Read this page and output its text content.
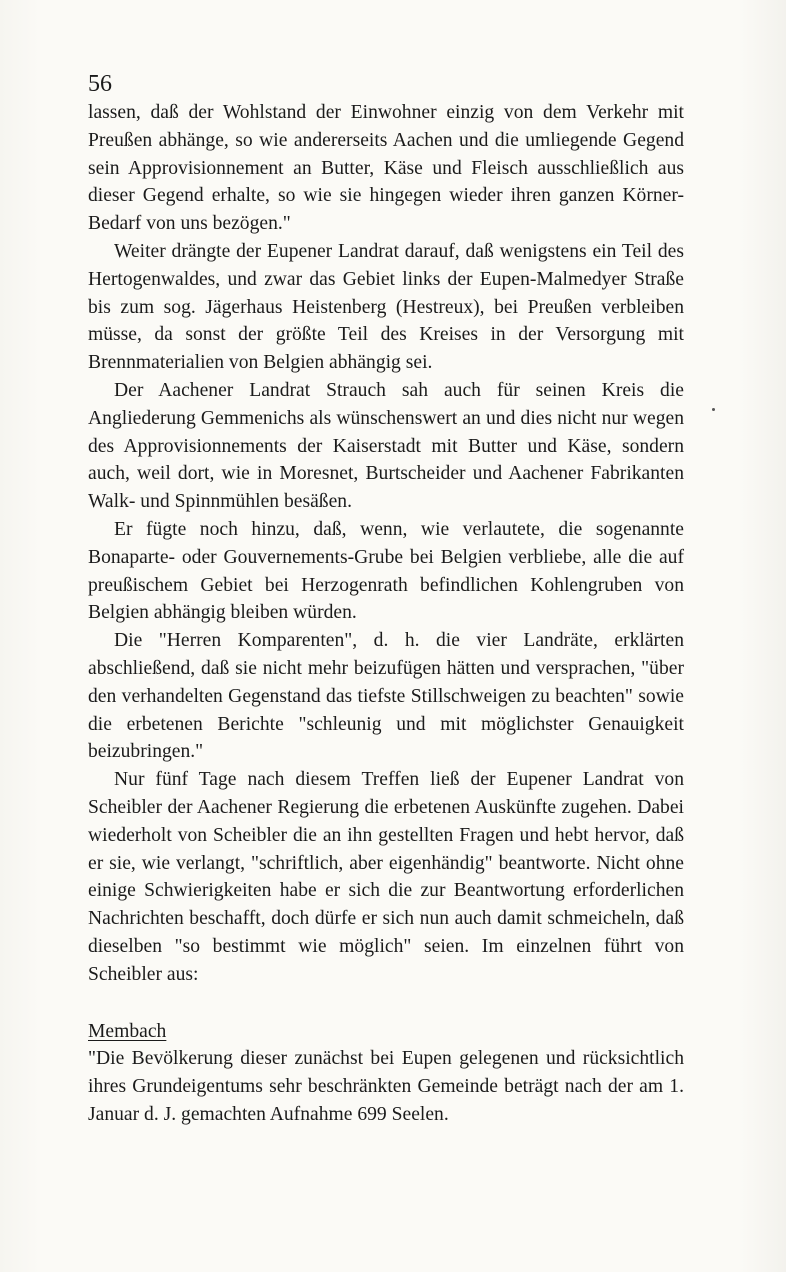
56

lassen, daß der Wohlstand der Einwohner einzig von dem Verkehr mit Preußen abhänge, so wie andererseits Aachen und die umliegende Gegend sein Approvisionnement an Butter, Käse und Fleisch ausschließlich aus dieser Gegend erhalte, so wie sie hingegen wieder ihren ganzen Körner-Bedarf von uns bezögen."

Weiter drängte der Eupener Landrat darauf, daß wenigstens ein Teil des Hertogenwaldes, und zwar das Gebiet links der Eupen-Malmedyer Straße bis zum sog. Jägerhaus Heistenberg (Hestreux), bei Preußen verbleiben müsse, da sonst der größte Teil des Kreises in der Versorgung mit Brennmaterialien von Belgien abhängig sei.

Der Aachener Landrat Strauch sah auch für seinen Kreis die Angliederung Gemmenichs als wünschenswert an und dies nicht nur wegen des Approvisionnements der Kaiserstadt mit Butter und Käse, sondern auch, weil dort, wie in Moresnet, Burtscheider und Aachener Fabrikanten Walk- und Spinnmühlen besäßen.

Er fügte noch hinzu, daß, wenn, wie verlautete, die sogenannte Bonaparte- oder Gouvernements-Grube bei Belgien verbliebe, alle die auf preußischem Gebiet bei Herzogenrath befindlichen Kohlengruben von Belgien abhängig bleiben würden.

Die "Herren Komparenten", d. h. die vier Landräte, erklärten abschließend, daß sie nicht mehr beizufügen hätten und versprachen, "über den verhandelten Gegenstand das tiefste Stillschweigen zu beachten" sowie die erbetenen Berichte "schleunig und mit möglichster Genauigkeit beizubringen."

Nur fünf Tage nach diesem Treffen ließ der Eupener Landrat von Scheibler der Aachener Regierung die erbetenen Auskünfte zugehen. Dabei wiederholt von Scheibler die an ihn gestellten Fragen und hebt hervor, daß er sie, wie verlangt, "schriftlich, aber eigenhändig" beantworte. Nicht ohne einige Schwierigkeiten habe er sich die zur Beantwortung erforderlichen Nachrichten beschafft, doch dürfe er sich nun auch damit schmeicheln, daß dieselben "so bestimmt wie möglich" seien. Im einzelnen führt von Scheibler aus:

Membach

"Die Bevölkerung dieser zunächst bei Eupen gelegenen und rücksichtlich ihres Grundeigentums sehr beschränkten Gemeinde beträgt nach der am 1. Januar d. J. gemachten Aufnahme 699 Seelen.
